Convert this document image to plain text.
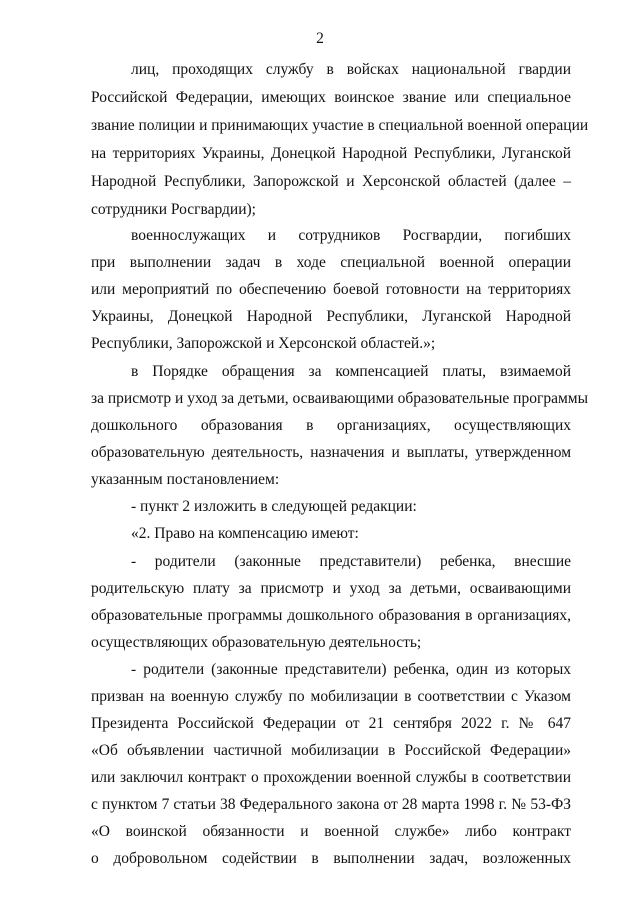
2
лиц, проходящих службу в войсках национальной гвардии
Российской Федерации, имеющих воинское звание или специальное
звание полиции и принимающих участие в специальной военной операции
на территориях Украины, Донецкой Народной Республики, Луганской
Народной Республики, Запорожской и Херсонской областей (далее –
сотрудники Росгвардии);
военнослужащих и сотрудников Росгвардии, погибших
при выполнении задач в ходе специальной военной операции
или мероприятий по обеспечению боевой готовности на территориях
Украины, Донецкой Народной Республики, Луганской Народной
Республики, Запорожской и Херсонской областей.»;
в Порядке обращения за компенсацией платы, взимаемой
за присмотр и уход за детьми, осваивающими образовательные программы
дошкольного образования в организациях, осуществляющих
образовательную деятельность, назначения и выплаты, утвержденном
указанным постановлением:
- пункт 2 изложить в следующей редакции:
«2. Право на компенсацию имеют:
- родители (законные представители) ребенка, внесшие
родительскую плату за присмотр и уход за детьми, осваивающими
образовательные программы дошкольного образования в организациях,
осуществляющих образовательную деятельность;
- родители (законные представители) ребенка, один из которых
призван на военную службу по мобилизации в соответствии с Указом
Президента Российской Федерации от 21 сентября 2022 г. № 647
«Об объявлении частичной мобилизации в Российской Федерации»
или заключил контракт о прохождении военной службы в соответствии
с пунктом 7 статьи 38 Федерального закона от 28 марта 1998 г. № 53-ФЗ
«О воинской обязанности и военной службе» либо контракт
о добровольном содействии в выполнении задач, возложенных
